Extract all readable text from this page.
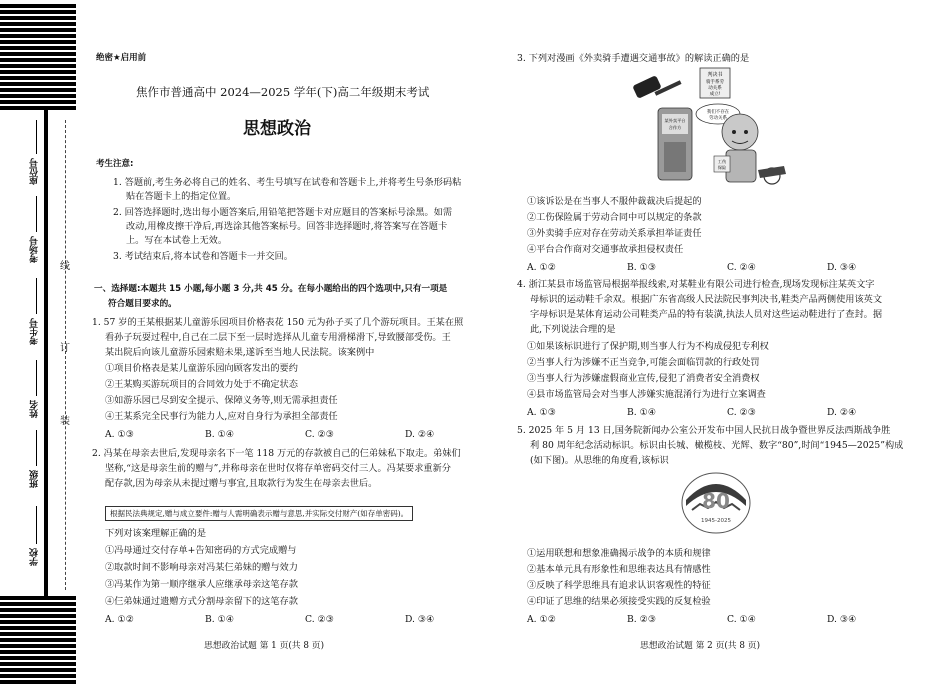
座位号
考场号
考生号
姓名
班级
学校
线
订
装
绝密★启用前
焦作市普通高中 2024—2025 学年(下)高二年级期末考试
思想政治
考生注意:
1. 答题前,考生务必将自己的姓名、考生号填写在试卷和答题卡上,并将考生号条形码粘
贴在答题卡上的指定位置。
2. 回答选择题时,选出每小题答案后,用铅笔把答题卡对应题目的答案标号涂黑。如需
改动,用橡皮擦干净后,再选涂其他答案标号。回答非选择题时,将答案写在答题卡
上。写在本试卷上无效。
3. 考试结束后,将本试卷和答题卡一并交回。
一、选择题:本题共 15 小题,每小题 3 分,共 45 分。在每小题给出的四个选项中,只有一项是
符合题目要求的。
1. 57 岁的王某根据某儿童游乐园项目价格表花 150 元为孙子买了几个游玩项目。王某在照
看孙子玩耍过程中,自己在二层下至一层时选择从儿童专用滑梯滑下,导致腰部受伤。王
某出院后向该儿童游乐园索赔未果,遂诉至当地人民法院。该案例中
①项目价格表是某儿童游乐园向顾客发出的要约
②王某购买游玩项目的合同效力处于不确定状态
③如游乐园已尽到安全提示、保障义务等,则无需承担责任
④王某系完全民事行为能力人,应对自身行为承担全部责任
A. ①③	B. ①④	C. ②③	D. ②④
2. 冯某在母亲去世后,发现母亲名下一笔 118 万元的存款被自己的仨弟妹私下取走。弟妹们
坚称,“这是母亲生前的赠与”,并称母亲在世时仅将存单密码交付三人。冯某要求重新分
配存款,因为母亲从未提过赠与事宜,且取款行为发生在母亲去世后。
根据民法典规定,赠与成立要件:赠与人需明确表示赠与意思,并实际交付财产(如存单密码)。
下列对该案理解正确的是
①冯母通过交付存单+告知密码的方式完成赠与
②取款时间不影响母亲对冯某仨弟妹的赠与效力
③冯某作为第一顺序继承人应继承母亲这笔存款
④仨弟妹通过遗赠方式分割母亲留下的这笔存款
A. ①②	B. ①④	C. ②③	D. ③④
思想政治试题 第 1 页(共 8 页)
3. 下列对漫画《外卖骑手遭遇交通事故》的解读正确的是
判决书
骑手系劳
动关系
成立!
我们不存在
劳动关系
某外卖平台
合作方
工伤
保险
①该诉讼是在当事人不服仲裁裁决后提起的
②工伤保险属于劳动合同中可以规定的条款
③外卖骑手应对存在劳动关系承担举证责任
④平台合作商对交通事故承担侵权责任
A. ①②	B. ①③	C. ②④	D. ③④
4. 浙江某县市场监管局根据举报线索,对某鞋业有限公司进行检查,现场发现标注某英文字
母标识的运动鞋千余双。根据广东省高级人民法院民事判决书,鞋类产品两侧使用该英文
字母标识是某体育运动公司鞋类产品的特有装潢,执法人员对这些运动鞋进行了查封。据
此,下列说法合理的是
①如果该标识进行了保护期,则当事人行为不构成侵犯专利权
②当事人行为涉嫌不正当竞争,可能会面临罚款的行政处罚
③当事人行为涉嫌虚假商业宣传,侵犯了消费者安全消费权
④县市场监管局会对当事人涉嫌实施混淆行为进行立案调查
A. ①③	B. ①④	C. ②③	D. ②④
5. 2025 年 5 月 13 日,国务院新闻办公室公开发布中国人民抗日战争暨世界反法西斯战争胜
利 80 周年纪念活动标识。标识由长城、橄榄枝、光辉、数字“80”,时间“1945—2025”构成
(如下图)。从思维的角度看,该标识
80
1945-2025
①运用联想和想象准确揭示战争的本质和规律
②基本单元具有形象性和思维表达具有情感性
③反映了科学思维具有追求认识客观性的特征
④印证了思维的结果必须接受实践的反复检验
A. ①②	B. ②③	C. ①④	D. ③④
思想政治试题 第 2 页(共 8 页)
